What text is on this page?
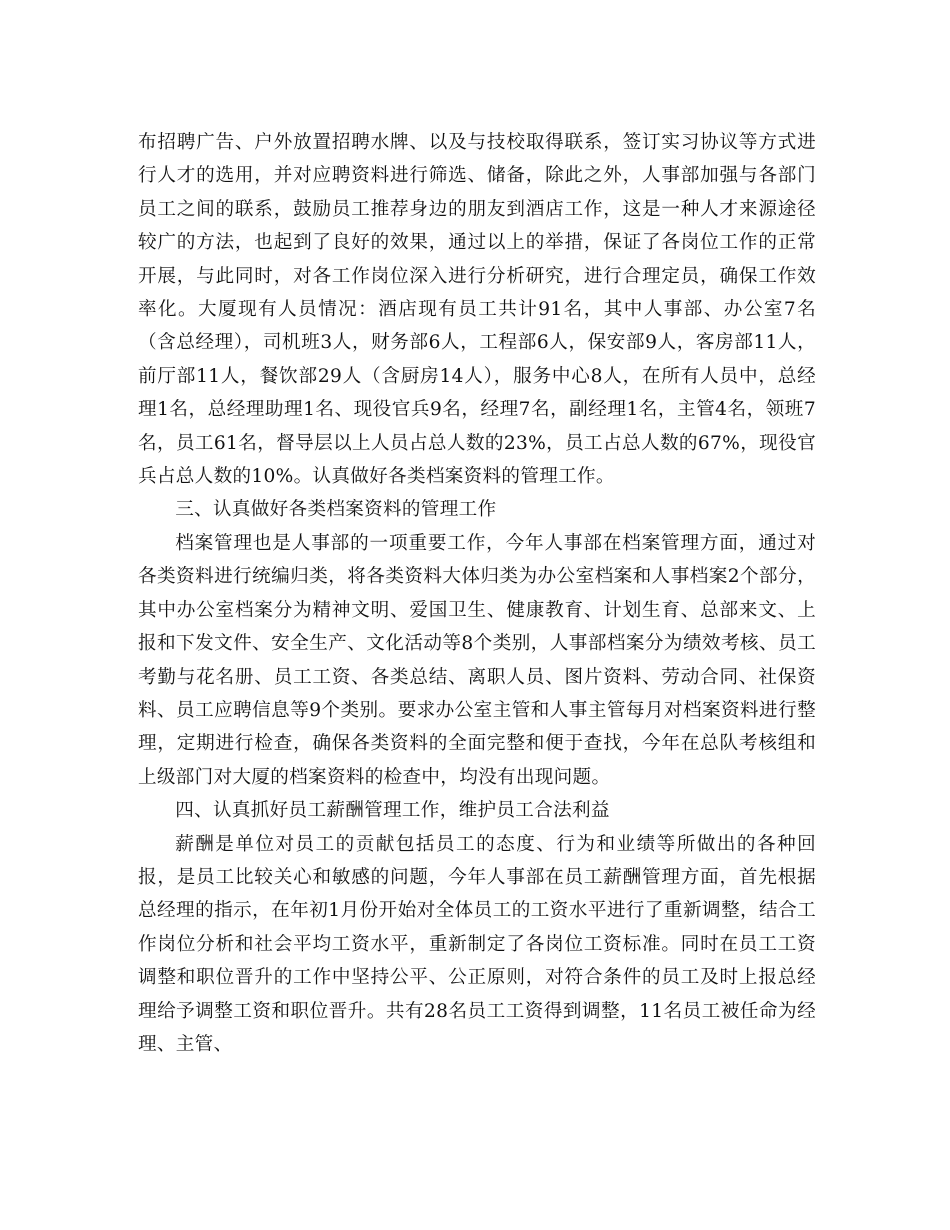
布招聘广告、户外放置招聘水牌、以及与技校取得联系，签订实习协议等方式进行人才的选用，并对应聘资料进行筛选、储备，除此之外，人事部加强与各部门员工之间的联系，鼓励员工推荐身边的朋友到酒店工作，这是一种人才来源途径较广的方法，也起到了良好的效果，通过以上的举措，保证了各岗位工作的正常开展，与此同时，对各工作岗位深入进行分析研究，进行合理定员，确保工作效率化。大厦现有人员情况：酒店现有员工共计91名，其中人事部、办公室7名（含总经理），司机班3人，财务部6人，工程部6人，保安部9人，客房部11人，前厅部11人，餐饮部29人（含厨房14人），服务中心8人，在所有人员中，总经理1名，总经理助理1名、现役官兵9名，经理7名，副经理1名，主管4名，领班7名，员工61名，督导层以上人员占总人数的23%，员工占总人数的67%，现役官兵占总人数的10%。认真做好各类档案资料的管理工作。

三、认真做好各类档案资料的管理工作

档案管理也是人事部的一项重要工作，今年人事部在档案管理方面，通过对各类资料进行统编归类，将各类资料大体归类为办公室档案和人事档案2个部分，其中办公室档案分为精神文明、爱国卫生、健康教育、计划生育、总部来文、上报和下发文件、安全生产、文化活动等8个类别，人事部档案分为绩效考核、员工考勤与花名册、员工工资、各类总结、离职人员、图片资料、劳动合同、社保资料、员工应聘信息等9个类别。要求办公室主管和人事主管每月对档案资料进行整理，定期进行检查，确保各类资料的全面完整和便于查找，今年在总队考核组和上级部门对大厦的档案资料的检查中，均没有出现问题。

四、认真抓好员工薪酬管理工作，维护员工合法利益

薪酬是单位对员工的贡献包括员工的态度、行为和业绩等所做出的各种回报，是员工比较关心和敏感的问题，今年人事部在员工薪酬管理方面，首先根据总经理的指示，在年初1月份开始对全体员工的工资水平进行了重新调整，结合工作岗位分析和社会平均工资水平，重新制定了各岗位工资标准。同时在员工工资调整和职位晋升的工作中坚持公平、公正原则，对符合条件的员工及时上报总经理给予调整工资和职位晋升。共有28名员工工资得到调整，11名员工被任命为经理、主管、
